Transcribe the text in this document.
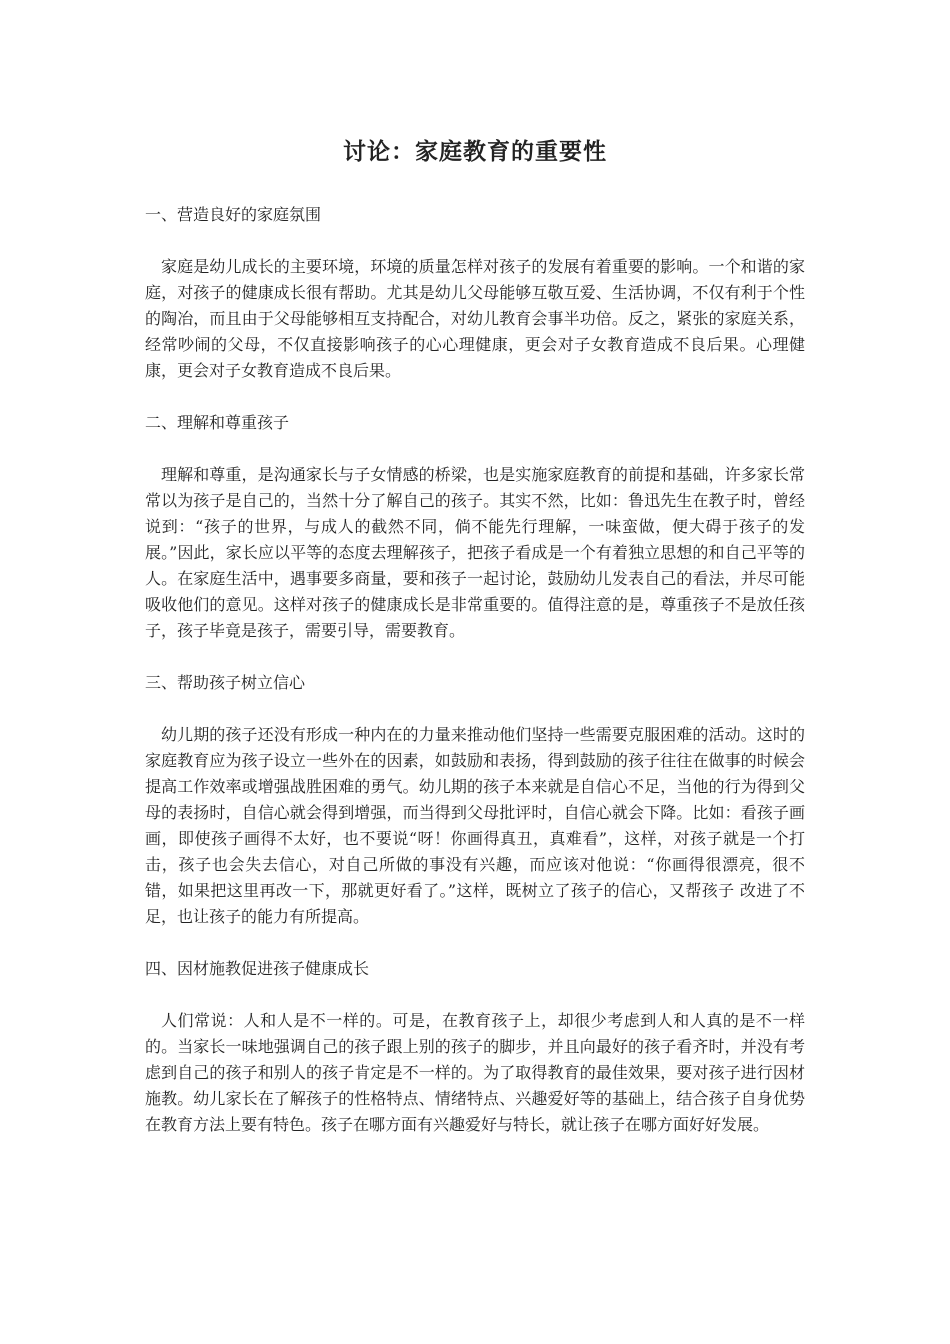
讨论：家庭教育的重要性
一、营造良好的家庭氛围

家庭是幼儿成长的主要环境，环境的质量怎样对孩子的发展有着重要的影响。一个和谐的家庭，对孩子的健康成长很有帮助。尤其是幼儿父母能够互敬互爱、生活协调，不仅有利于个性的陶冶，而且由于父母能够相互支持配合，对幼儿教育会事半功倍。反之，紧张的家庭关系，经常吵闹的父母，不仅直接影响孩子的心心理健康，更会对子女教育造成不良后果。心理健康，更会对子女教育造成不良后果。

二、理解和尊重孩子

理解和尊重，是沟通家长与子女情感的桥梁，也是实施家庭教育的前提和基础，许多家长常常以为孩子是自己的，当然十分了解自己的孩子。其实不然，比如：鲁迅先生在教子时，曾经说到：“孩子的世界，与成人的截然不同，倘不能先行理解，一味蛮做，便大碍于孩子的发展。”因此，家长应以平等的态度去理解孩子，把孩子看成是一个有着独立思想的和自己平等的人。在家庭生活中，遇事要多商量，要和孩子一起讨论，鼓励幼儿发表自己的看法，并尽可能吸收他们的意见。这样对孩子的健康成长是非常重要的。值得注意的是，尊重孩子不是放任孩子，孩子毕竟是孩子，需要引导，需要教育。

三、帮助孩子树立信心

幼儿期的孩子还没有形成一种内在的力量来推动他们坚持一些需要克服困难的活动。这时的家庭教育应为孩子设立一些外在的因素，如鼓励和表扬，得到鼓励的孩子往往在做事的时候会提高工作效率或增强战胜困难的勇气。幼儿期的孩子本来就是自信心不足，当他的行为得到父母的表扬时，自信心就会得到增强，而当得到父母批评时，自信心就会下降。比如：看孩子画画，即使孩子画得不太好，也不要说“呀！你画得真丑，真难看”，这样，对孩子就是一个打击，孩子也会失去信心，对自己所做的事没有兴趣，而应该对他说：“你画得很漂亮，很不错，如果把这里再改一下，那就更好看了。”这样，既树立了孩子的信心，又帮孩子 改进了不足，也让孩子的能力有所提高。

四、因材施教促进孩子健康成长

人们常说：人和人是不一样的。可是，在教育孩子上，却很少考虑到人和人真的是不一样的。当家长一味地强调自己的孩子跟上别的孩子的脚步，并且向最好的孩子看齐时，并没有考虑到自己的孩子和别人的孩子肯定是不一样的。为了取得教育的最佳效果，要对孩子进行因材施教。幼儿家长在了解孩子的性格特点、情绪特点、兴趣爱好等的基础上，结合孩子自身优势在教育方法上要有特色。孩子在哪方面有兴趣爱好与特长，就让孩子在哪方面好好发展。
